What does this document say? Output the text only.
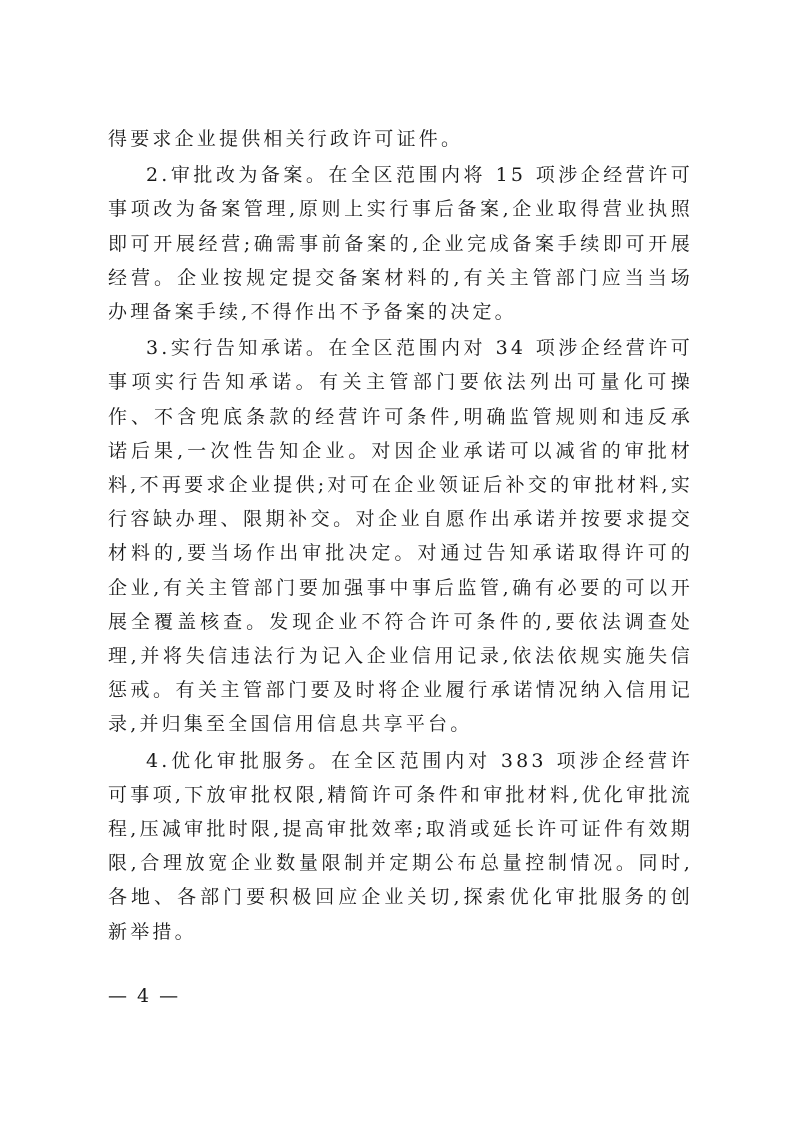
得要求企业提供相关行政许可证件。

2.审批改为备案。在全区范围内将 15 项涉企经营许可事项改为备案管理,原则上实行事后备案,企业取得营业执照即可开展经营;确需事前备案的,企业完成备案手续即可开展经营。企业按规定提交备案材料的,有关主管部门应当当场办理备案手续,不得作出不予备案的决定。

3.实行告知承诺。在全区范围内对 34 项涉企经营许可事项实行告知承诺。有关主管部门要依法列出可量化可操作、不含兜底条款的经营许可条件,明确监管规则和违反承诺后果,一次性告知企业。对因企业承诺可以减省的审批材料,不再要求企业提供;对可在企业领证后补交的审批材料,实行容缺办理、限期补交。对企业自愿作出承诺并按要求提交材料的,要当场作出审批决定。对通过告知承诺取得许可的企业,有关主管部门要加强事中事后监管,确有必要的可以开展全覆盖核查。发现企业不符合许可条件的,要依法调查处理,并将失信违法行为记入企业信用记录,依法依规实施失信惩戒。有关主管部门要及时将企业履行承诺情况纳入信用记录,并归集至全国信用信息共享平台。

4.优化审批服务。在全区范围内对 383 项涉企经营许可事项,下放审批权限,精简许可条件和审批材料,优化审批流程,压减审批时限,提高审批效率;取消或延长许可证件有效期限,合理放宽企业数量限制并定期公布总量控制情况。同时,各地、各部门要积极回应企业关切,探索优化审批服务的创新举措。

— 4 —
